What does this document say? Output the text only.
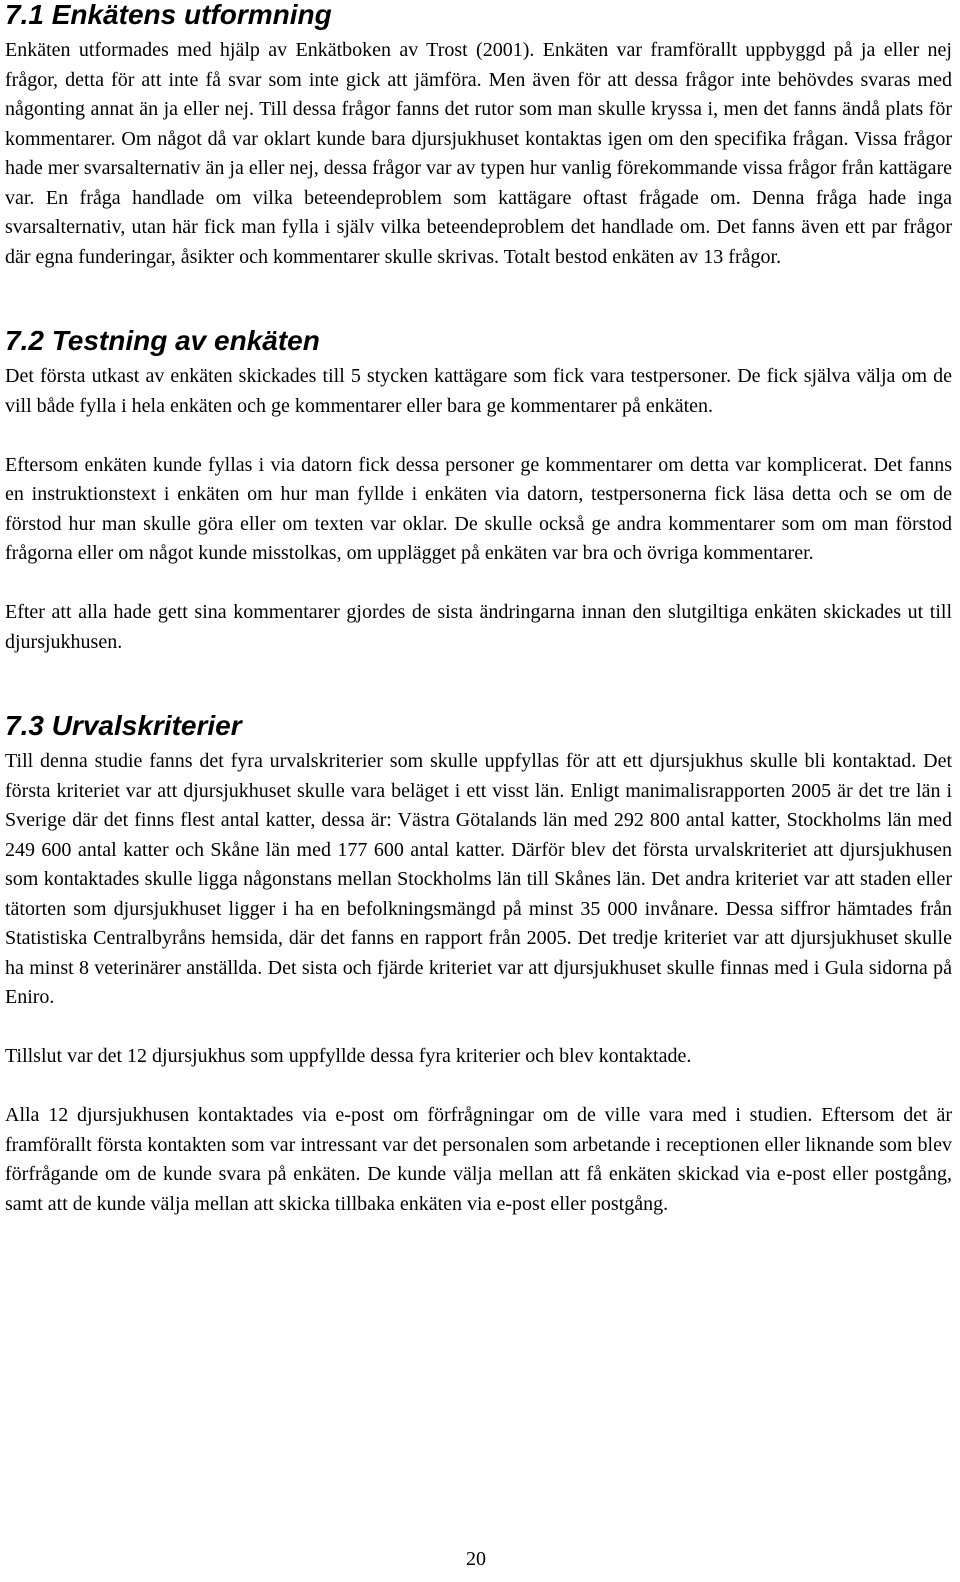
7.1 Enkätens utformning

Enkäten utformades med hjälp av Enkätboken av Trost (2001). Enkäten var framförallt uppbyggd på ja eller nej frågor, detta för att inte få svar som inte gick att jämföra. Men även för att dessa frågor inte behövdes svaras med någonting annat än ja eller nej. Till dessa frågor fanns det rutor som man skulle kryssa i, men det fanns ändå plats för kommentarer. Om något då var oklart kunde bara djursjukhuset kontaktas igen om den specifika frågan. Vissa frågor hade mer svarsalternativ än ja eller nej, dessa frågor var av typen hur vanlig förekommande vissa frågor från kattägare var. En fråga handlade om vilka beteendeproblem som kattägare oftast frågade om. Denna fråga hade inga svarsalternativ, utan här fick man fylla i själv vilka beteendeproblem det handlade om. Det fanns även ett par frågor där egna funderingar, åsikter och kommentarer skulle skrivas. Totalt bestod enkäten av 13 frågor.

7.2 Testning av enkäten

Det första utkast av enkäten skickades till 5 stycken kattägare som fick vara testpersoner. De fick själva välja om de vill både fylla i hela enkäten och ge kommentarer eller bara ge kommentarer på enkäten.

Eftersom enkäten kunde fyllas i via datorn fick dessa personer ge kommentarer om detta var komplicerat. Det fanns en instruktionstext i enkäten om hur man fyllde i enkäten via datorn, testpersonerna fick läsa detta och se om de förstod hur man skulle göra eller om texten var oklar. De skulle också ge andra kommentarer som om man förstod frågorna eller om något kunde misstolkas, om upplägget på enkäten var bra och övriga kommentarer.

Efter att alla hade gett sina kommentarer gjordes de sista ändringarna innan den slutgiltiga enkäten skickades ut till djursjukhusen.

7.3 Urvalskriterier

Till denna studie fanns det fyra urvalskriterier som skulle uppfyllas för att ett djursjukhus skulle bli kontaktad. Det första kriteriet var att djursjukhuset skulle vara beläget i ett visst län. Enligt manimalisrapporten 2005 är det tre län i Sverige där det finns flest antal katter, dessa är: Västra Götalands län med 292 800 antal katter, Stockholms län med 249 600 antal katter och Skåne län med 177 600 antal katter. Därför blev det första urvalskriteriet att djursjukhusen som kontaktades skulle ligga någonstans mellan Stockholms län till Skånes län. Det andra kriteriet var att staden eller tätorten som djursjukhuset ligger i ha en befolkningsmängd på minst 35 000 invånare. Dessa siffror hämtades från Statistiska Centralbyråns hemsida, där det fanns en rapport från 2005. Det tredje kriteriet var att djursjukhuset skulle ha minst 8 veterinärer anställda. Det sista och fjärde kriteriet var att djursjukhuset skulle finnas med i Gula sidorna på Eniro.

Tillslut var det 12 djursjukhus som uppfyllde dessa fyra kriterier och blev kontaktade.

Alla 12 djursjukhusen kontaktades via e-post om förfrågningar om de ville vara med i studien. Eftersom det är framförallt första kontakten som var intressant var det personalen som arbetande i receptionen eller liknande som blev förfrågande om de kunde svara på enkäten. De kunde välja mellan att få enkäten skickad via e-post eller postgång, samt att de kunde välja mellan att skicka tillbaka enkäten via e-post eller postgång.

20
